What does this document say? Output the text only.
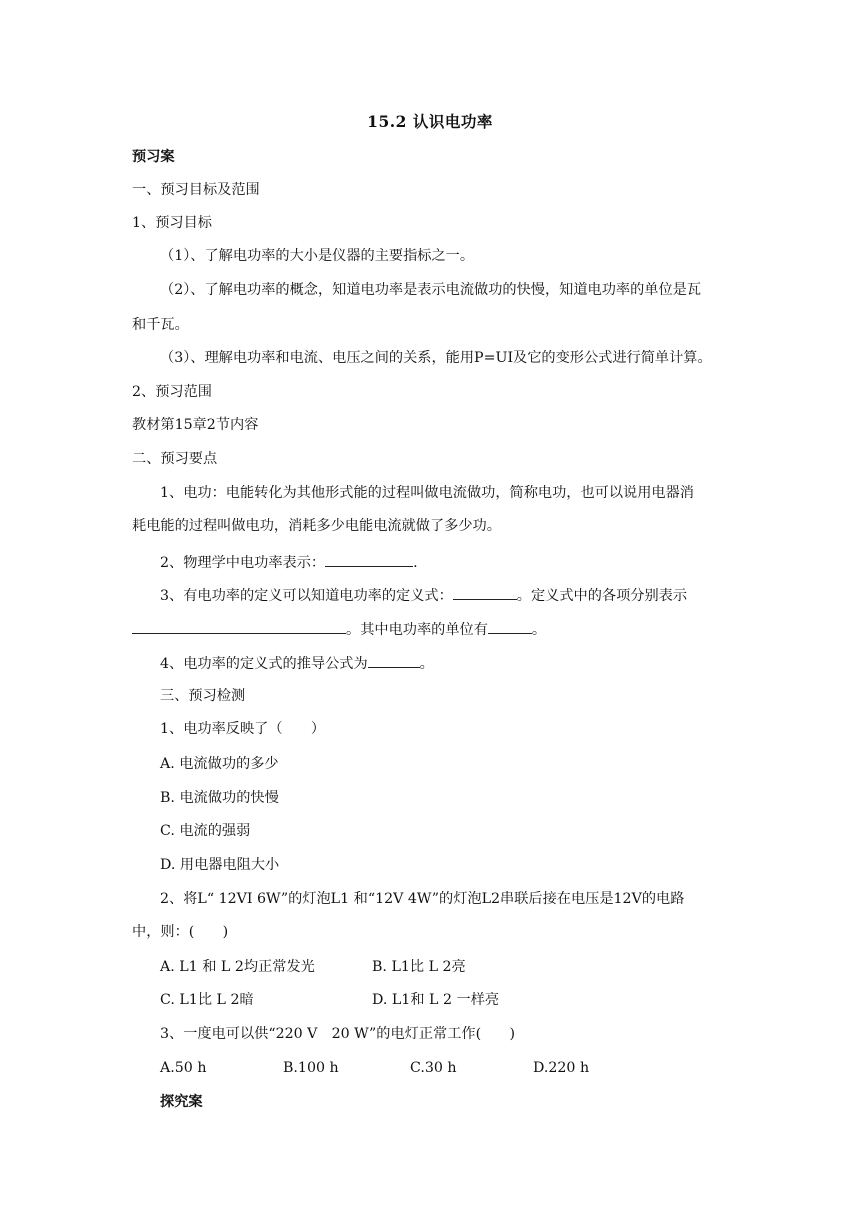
15.2 认识电功率
预习案
一、预习目标及范围
1、预习目标
（1）、了解电功率的大小是仪器的主要指标之一。
（2）、了解电功率的概念，知道电功率是表示电流做功的快慢，知道电功率的单位是瓦
和千瓦。
（3）、理解电功率和电流、电压之间的关系，能用P=UI及它的变形公式进行简单计算。
2、预习范围
教材第15章2节内容
二、预习要点
1、电功：电能转化为其他形式能的过程叫做电流做功，简称电功，也可以说用电器消
耗电能的过程叫做电功，消耗多少电能电流就做了多少功。
2、物理学中电功率表示：	.
3、有电功率的定义可以知道电功率的定义式：	。定义式中的各项分别表示
。其中电功率的单位有	。
4、电功率的定义式的推导公式为	。
三、预习检测
1、电功率反映了（　　）
A. 电流做功的多少
B. 电流做功的快慢
C. 电流的强弱
D. 用电器电阻大小
2、将L“ 12VI 6W”的灯泡L1 和“12V 4W”的灯泡L2串联后接在电压是12V的电路
中，则：(　　)
A. L1 和 L 2均正常发光	B. L1比 L 2亮
C. L1比 L 2暗	D. L1和 L 2 一样亮
3、一度电可以供“220 V　20 W”的电灯正常工作(　　)
A.50 h	B.100 h	C.30 h	D.220 h
探究案
